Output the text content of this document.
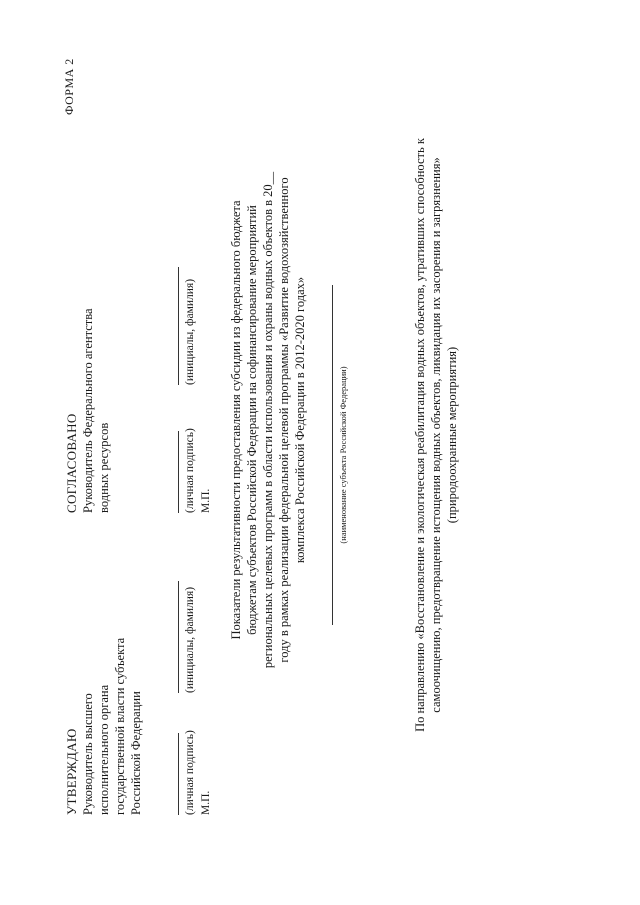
ФОРМА 2
УТВЕРЖДАЮ Руководитель высшего исполнительного органа государственной власти субъекта Российской Федерации	(личная подпись)
(инициалы, фамилия)
М.П.
СОГЛАСОВАНО Руководитель Федерального агентства водных ресурсов	(личная подпись)
(инициалы, фамилия)
М.П. Показатели результативности предоставления субсидии из федерального бюджета бюджетам субъектов Российской Федерации на софинансирование мероприятий региональных целевых программ в области использования и охраны водных объектов в 20__ году в рамках реализации федеральной целевой программы «Развитие водохозяйственного комплекса Российской Федерации в 2012-2020 годах»	(наименование субъекта Российской Федерации)	По направлению «Восстановление и экологическая реабилитация водных объектов, утративших способность к самоочищению, предотвращение истощения водных объектов, ликвидация их засорения и загрязнения» (природоохранные мероприятия)
